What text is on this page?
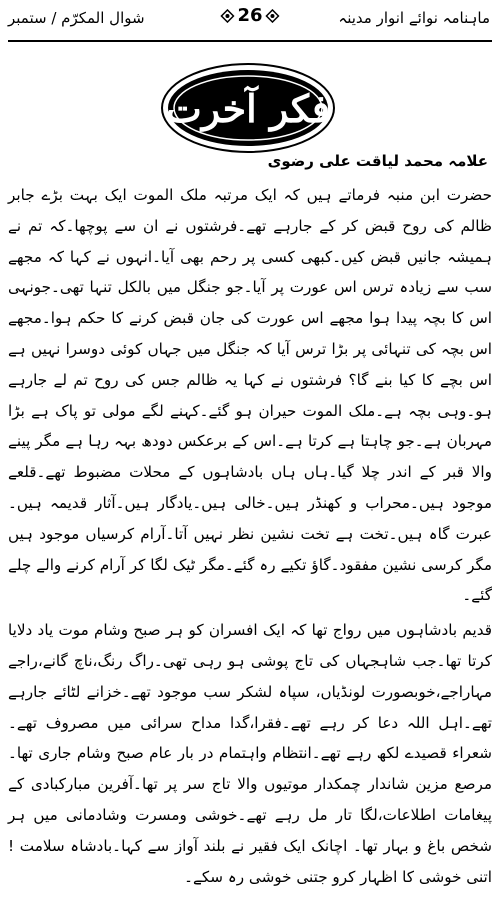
ماہنامہ نوائے انوار مدینہ
26
شوال المکرّم / ستمبر
فکر آخرت
علامہ محمد لیاقت علی رضوی

حضرت ابن منبہ فرماتے ہیں کہ ایک مرتبہ ملک الموت ایک بہت بڑے جابر ظالم کی روح قبض کر کے جارہے تھے۔فرشتوں نے ان سے پوچھا۔کہ تم نے ہمیشہ جانیں قبض کیں۔کبھی کسی پر رحم بھی آیا۔انہوں نے کہا کہ مجھے سب سے زیادہ ترس اس عورت پر آیا۔جو جنگل میں بالکل تنہا تھی۔جونہی اس کا بچہ پیدا ہوا مجھے اس عورت کی جان قبض کرنے کا حکم ہوا۔مجھے اس بچہ کی تنہائی پر بڑا ترس آیا کہ جنگل میں جہاں کوئی دوسرا نہیں ہے اس بچے کا کیا بنے گا؟ فرشتوں نے کہا یہ ظالم جس کی روح تم لے جارہے ہو۔وہی بچہ ہے۔ملک الموت حیران ہو گئے۔کہنے لگے مولی تو پاک ہے بڑا مہربان ہے۔جو چاہتا ہے کرتا ہے۔اس کے برعکس دودھ بہہ رہا ہے مگر پینے والا قبر کے اندر چلا گیا۔ہاں ہاں بادشاہوں کے محلات مضبوط تھے۔قلعے موجود ہیں۔محراب و کھنڈر ہیں۔خالی ہیں۔یادگار ہیں۔آثار قدیمہ ہیں۔عبرت گاہ ہیں۔تخت ہے تخت نشین نظر نہیں آتا۔آرام کرسیاں موجود ہیں مگر کرسی نشین مفقود۔گاؤ تکیے رہ گئے۔مگر ٹیک لگا کر آرام کرنے والے چلے گئے۔

قدیم بادشاہوں میں رواج تھا کہ ایک افسران کو ہر صبح وشام موت یاد دلایا کرتا تھا۔جب شاہجہاں کی تاج پوشی ہو رہی تھی۔راگ رنگ،ناچ گانے،راجے مہاراجے،خوبصورت لونڈیاں، سپاہ لشکر سب موجود تھے۔خزانے لٹائے جارہے تھے۔اہل اللہ دعا کر رہے تھے۔فقرا،گدا مداح سرائی میں مصروف تھے۔شعراء قصیدے لکھ رہے تھے۔انتظام واہتمام در بار عام صبح وشام جاری تھا۔مرصع مزین شاندار چمکدار موتیوں والا تاج سر پر تھا۔آفرین مبارکبادی کے پیغامات اطلاعات،لگا تار مل رہے تھے۔خوشی ومسرت وشادمانی میں ہر شخص باغ و بہار تھا۔ اچانک ایک فقیر نے بلند آواز سے کہا۔بادشاہ سلامت ! اتنی خوشی کا اظہار کرو جتنی خوشی رہ سکے۔
